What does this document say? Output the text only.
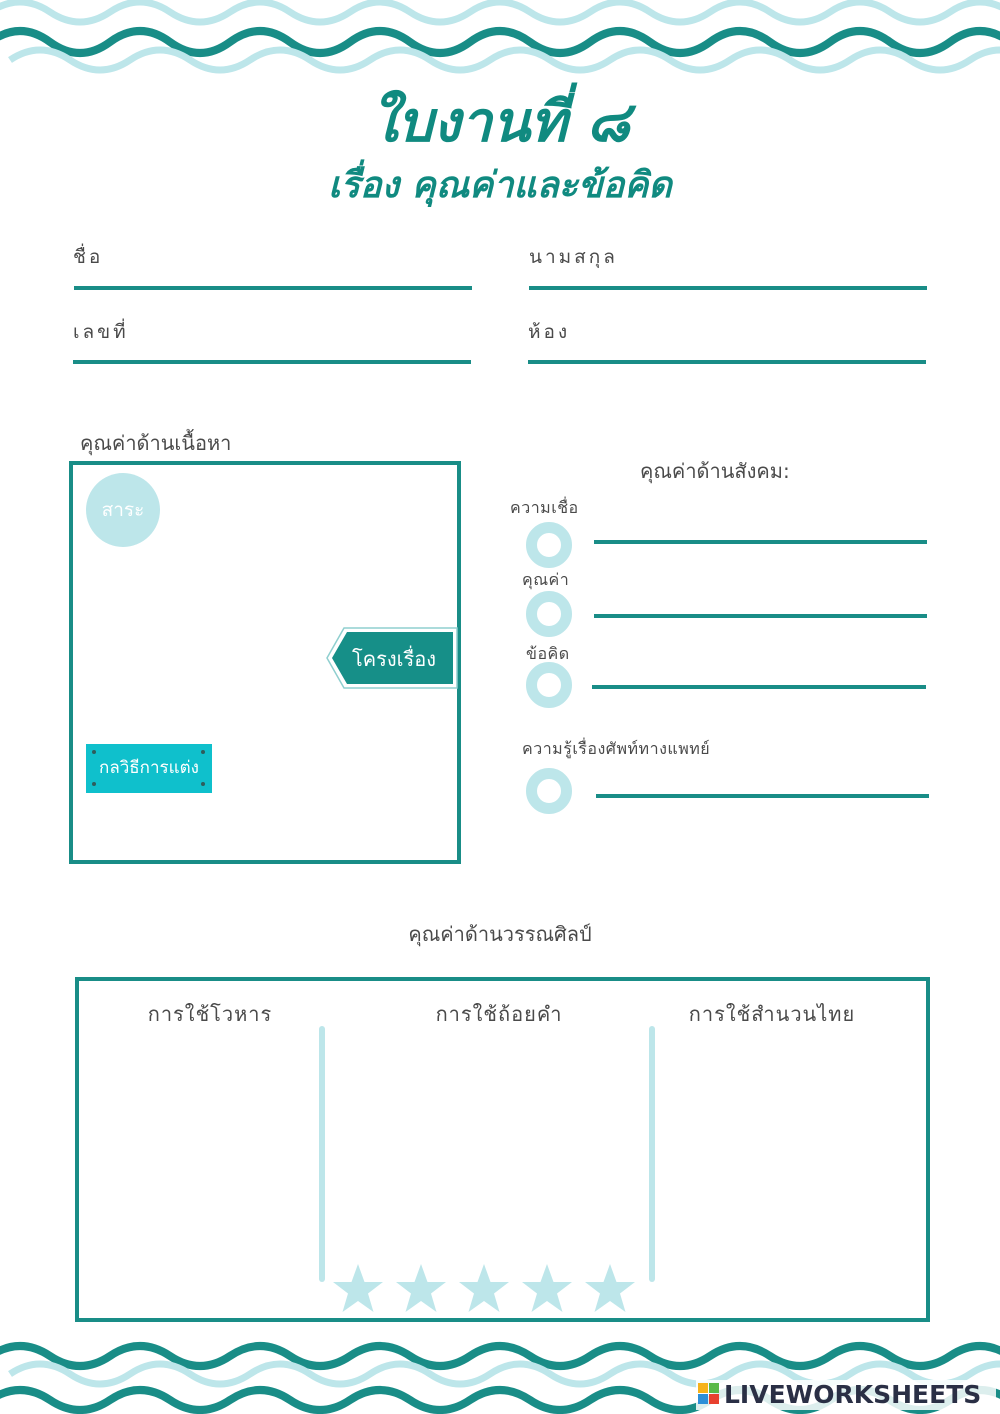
ใบงานที่ ๘
เรื่อง คุณค่าและข้อคิด
ชื่อ	นามสกุล
เลขที่	ห้อง
คุณค่าด้านเนื้อหา
สาระ
โครงเรื่อง
กลวิธีการแต่ง
คุณค่าด้านสังคม:
ความเชื่อ
คุณค่า
ข้อคิด
ความรู้เรื่องศัพท์ทางแพทย์
คุณค่าด้านวรรณศิลป์
การใช้โวหาร	การใช้ถ้อยคำ	การใช้สำนวนไทย
LIVEWORKSHEETS
